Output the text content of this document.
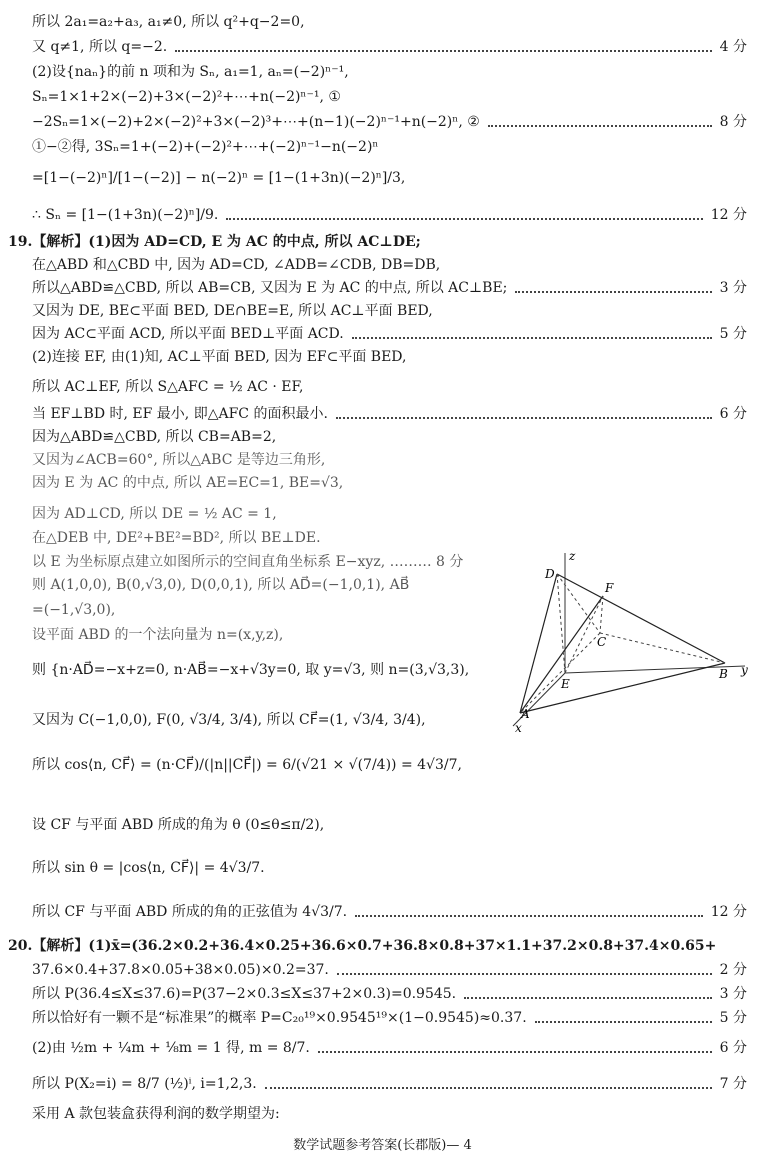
所以 2a₁=a₂+a₃, a₁≠0, 所以 q²+q−2=0,
又 q≠1, 所以 q=−2.	4 分
(2)设{naₙ}的前 n 项和为 Sₙ, a₁=1, aₙ=(−2)ⁿ⁻¹,
Sₙ=1×1+2×(−2)+3×(−2)²+⋯+n(−2)ⁿ⁻¹, ①
−2Sₙ=1×(−2)+2×(−2)²+3×(−2)³+⋯+(n−1)(−2)ⁿ⁻¹+n(−2)ⁿ, ②	8 分
①−②得, 3Sₙ=1+(−2)+(−2)²+⋯+(−2)ⁿ⁻¹−n(−2)ⁿ
=[1−(−2)ⁿ]/[1−(−2)] − n(−2)ⁿ = [1−(1+3n)(−2)ⁿ]/3,
∴ Sₙ = [1−(1+3n)(−2)ⁿ]/9.	12 分
19.【解析】(1)因为 AD=CD, E 为 AC 的中点, 所以 AC⊥DE;
在△ABD 和△CBD 中, 因为 AD=CD, ∠ADB=∠CDB, DB=DB,
所以△ABD≌△CBD, 所以 AB=CB, 又因为 E 为 AC 的中点, 所以 AC⊥BE;	3 分
又因为 DE, BE⊂平面 BED, DE∩BE=E, 所以 AC⊥平面 BED,
因为 AC⊂平面 ACD, 所以平面 BED⊥平面 ACD.	5 分
(2)连接 EF, 由(1)知, AC⊥平面 BED, 因为 EF⊂平面 BED,
所以 AC⊥EF, 所以 S△AFC = ½ AC · EF,
当 EF⊥BD 时, EF 最小, 即△AFC 的面积最小.	6 分
因为△ABD≌△CBD, 所以 CB=AB=2,
又因为∠ACB=60°, 所以△ABC 是等边三角形,
因为 E 为 AC 的中点, 所以 AE=EC=1, BE=√3,
因为 AD⊥CD, 所以 DE = ½ AC = 1,
在△DEB 中, DE²+BE²=BD², 所以 BE⊥DE.
以 E 为坐标原点建立如图所示的空间直角坐标系 E−xyz, ……… 8 分
则 A(1,0,0), B(0,√3,0), D(0,0,1), 所以 AD⃗=(−1,0,1), AB⃗
=(−1,√3,0),
设平面 ABD 的一个法向量为 n=(x,y,z),
则 {n·AD⃗=−x+z=0, n·AB⃗=−x+√3y=0, 取 y=√3, 则 n=(3,√3,3),
又因为 C(−1,0,0), F(0, √3/4, 3/4), 所以 CF⃗=(1, √3/4, 3/4),
所以 cos⟨n, CF⃗⟩ = (n·CF⃗)/(|n||CF⃗|) = 6/(√21 × √(7/4)) = 4√3/7,
设 CF 与平面 ABD 所成的角为 θ (0≤θ≤π/2),
所以 sin θ = |cos⟨n, CF⃗⟩| = 4√3/7.
所以 CF 与平面 ABD 所成的角的正弦值为 4√3/7.	12 分
20.【解析】(1)x̄=(36.2×0.2+36.4×0.25+36.6×0.7+36.8×0.8+37×1.1+37.2×0.8+37.4×0.65+
37.6×0.4+37.8×0.05+38×0.05)×0.2=37.	2 分
所以 P(36.4≤X≤37.6)=P(37−2×0.3≤X≤37+2×0.3)=0.9545.	3 分
所以恰好有一颗不是“标准果”的概率 P=C₂₀¹⁹×0.9545¹⁹×(1−0.9545)≈0.37.	5 分
(2)由 ½m + ¼m + ⅛m = 1 得, m = 8/7.	6 分
所以 P(X₂=i) = 8/7 (½)ⁱ, i=1,2,3.	7 分
采用 A 款包装盒获得利润的数学期望为:
z
y
x
D
F
C
E
B
A
数学试题参考答案(长郡版)— 4
